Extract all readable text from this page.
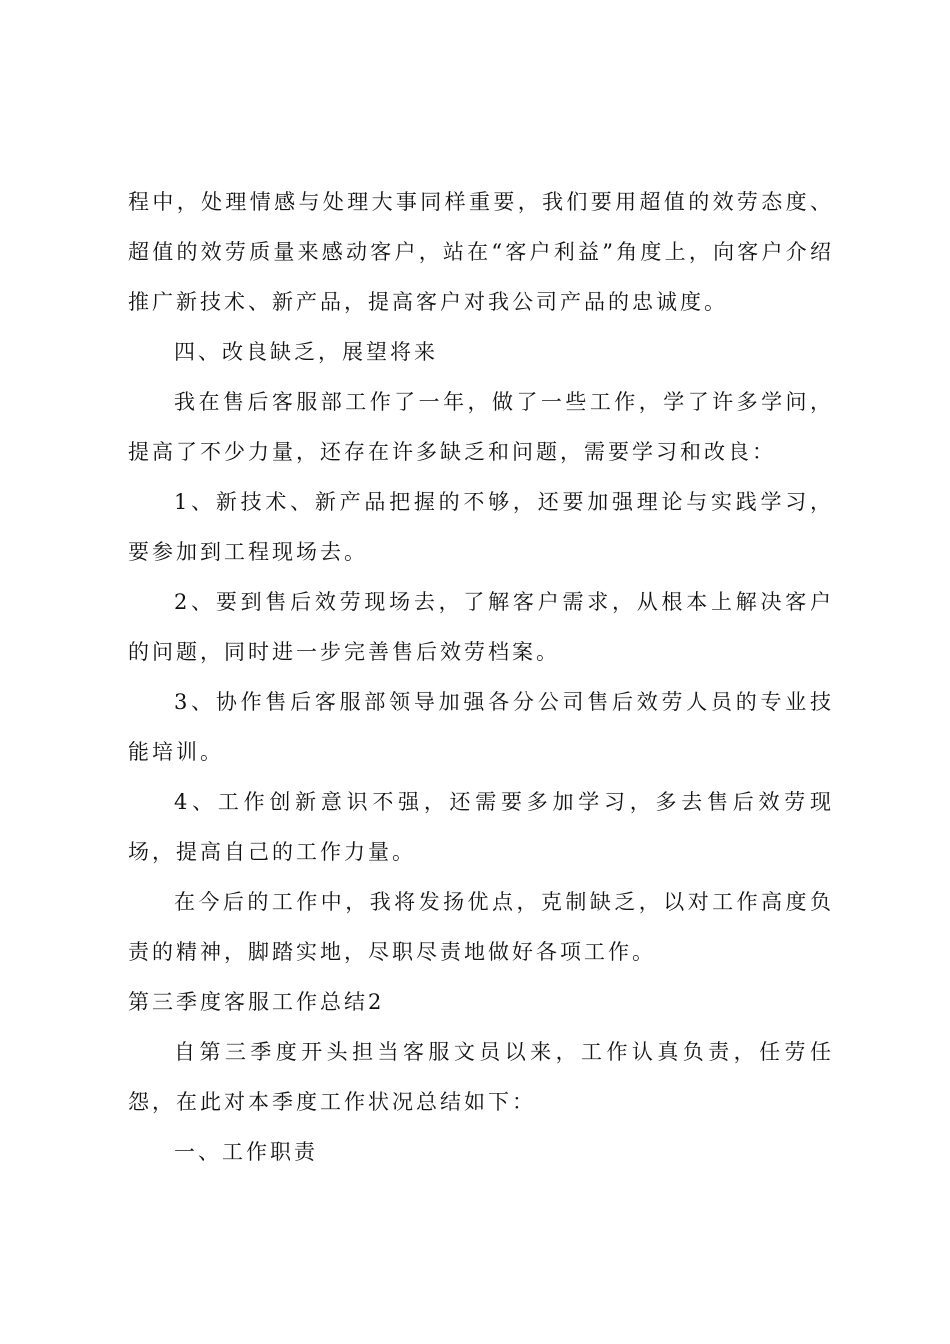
程中，处理情感与处理大事同样重要，我们要用超值的效劳态度、超值的效劳质量来感动客户，站在“客户利益”角度上，向客户介绍推广新技术、新产品，提高客户对我公司产品的忠诚度。

四、改良缺乏，展望将来

我在售后客服部工作了一年，做了一些工作，学了许多学问，提高了不少力量，还存在许多缺乏和问题，需要学习和改良：

1、新技术、新产品把握的不够，还要加强理论与实践学习，要参加到工程现场去。

2、要到售后效劳现场去，了解客户需求，从根本上解决客户的问题，同时进一步完善售后效劳档案。

3、协作售后客服部领导加强各分公司售后效劳人员的专业技能培训。

4、工作创新意识不强，还需要多加学习，多去售后效劳现场，提高自己的工作力量。

在今后的工作中，我将发扬优点，克制缺乏，以对工作高度负责的精神，脚踏实地，尽职尽责地做好各项工作。

第三季度客服工作总结2

自第三季度开头担当客服文员以来，工作认真负责，任劳任怨，在此对本季度工作状况总结如下：

一、工作职责
